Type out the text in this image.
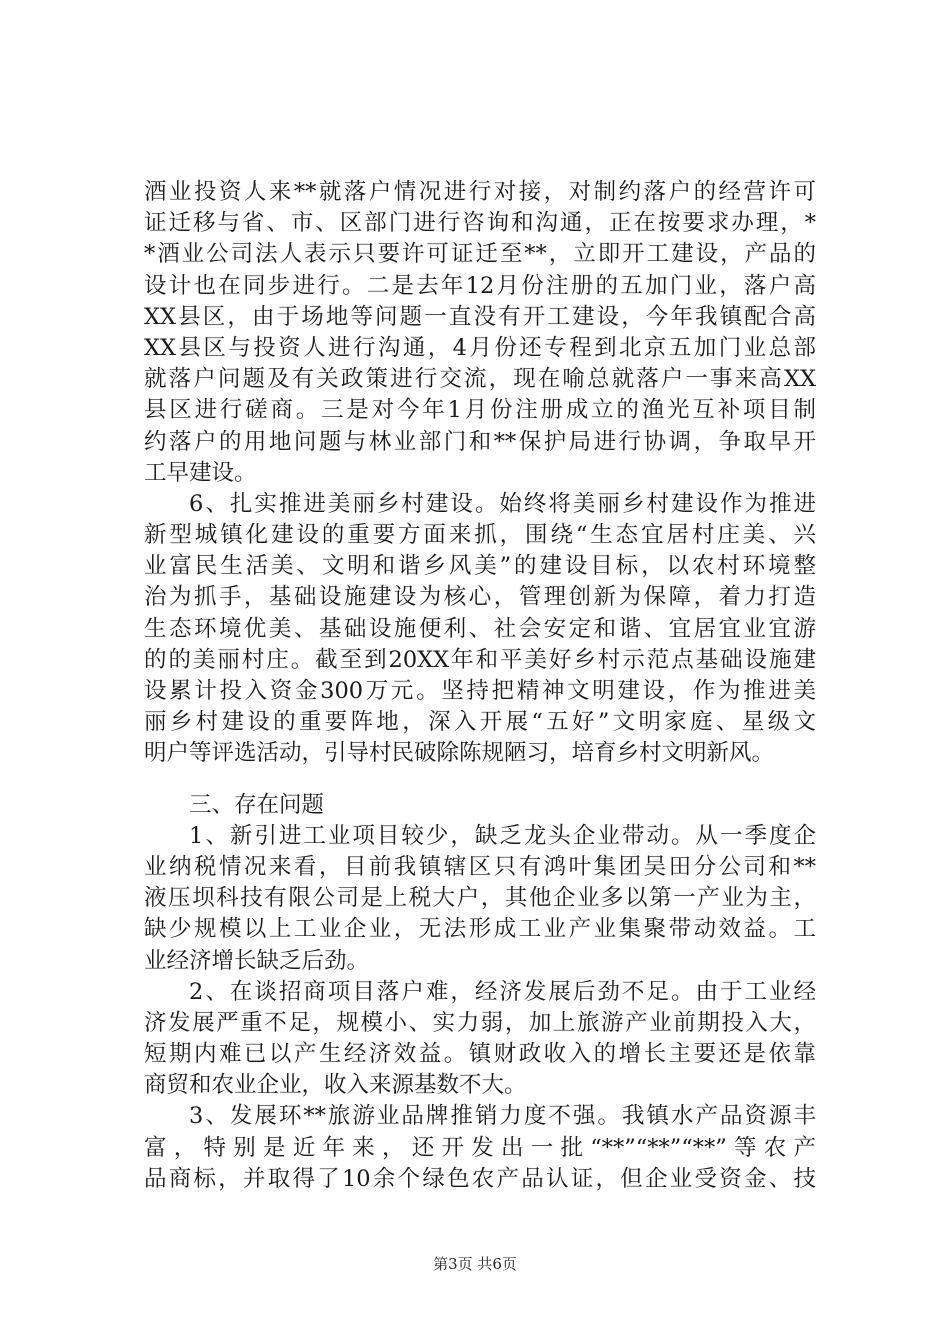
酒业投资人来**就落户情况进行对接，对制约落户的经营许可
证迁移与省、市、区部门进行咨询和沟通，正在按要求办理，*
*酒业公司法人表示只要许可证迁至**，立即开工建设，产品的
设计也在同步进行。二是去年12月份注册的五加门业，落户高
XX县区，由于场地等问题一直没有开工建设，今年我镇配合高
XX县区与投资人进行沟通，4月份还专程到北京五加门业总部
就落户问题及有关政策进行交流，现在喻总就落户一事来高XX
县区进行磋商。三是对今年1月份注册成立的渔光互补项目制
约落户的用地问题与林业部门和**保护局进行协调，争取早开
工早建设。
6、扎实推进美丽乡村建设。始终将美丽乡村建设作为推进
新型城镇化建设的重要方面来抓，围绕“生态宜居村庄美、兴
业富民生活美、文明和谐乡风美”的建设目标，以农村环境整
治为抓手，基础设施建设为核心，管理创新为保障，着力打造
生态环境优美、基础设施便利、社会安定和谐、宜居宜业宜游
的的美丽村庄。截至到20XX年和平美好乡村示范点基础设施建
设累计投入资金300万元。坚持把精神文明建设，作为推进美
丽乡村建设的重要阵地，深入开展“五好”文明家庭、星级文
明户等评选活动，引导村民破除陈规陋习，培育乡村文明新风。
三、存在问题
1、新引进工业项目较少，缺乏龙头企业带动。从一季度企
业纳税情况来看，目前我镇辖区只有鸿叶集团吴田分公司和**
液压坝科技有限公司是上税大户，其他企业多以第一产业为主，
缺少规模以上工业企业，无法形成工业产业集聚带动效益。工
业经济增长缺乏后劲。
2、在谈招商项目落户难，经济发展后劲不足。由于工业经
济发展严重不足，规模小、实力弱，加上旅游产业前期投入大，
短期内难已以产生经济效益。镇财政收入的增长主要还是依靠
商贸和农业企业，收入来源基数不大。
3、发展环**旅游业品牌推销力度不强。我镇水产品资源丰
富，特别是近年来，还开发出一批“**”“**”“**”等农产
品商标，并取得了10余个绿色农产品认证，但企业受资金、技
第3页 共6页
